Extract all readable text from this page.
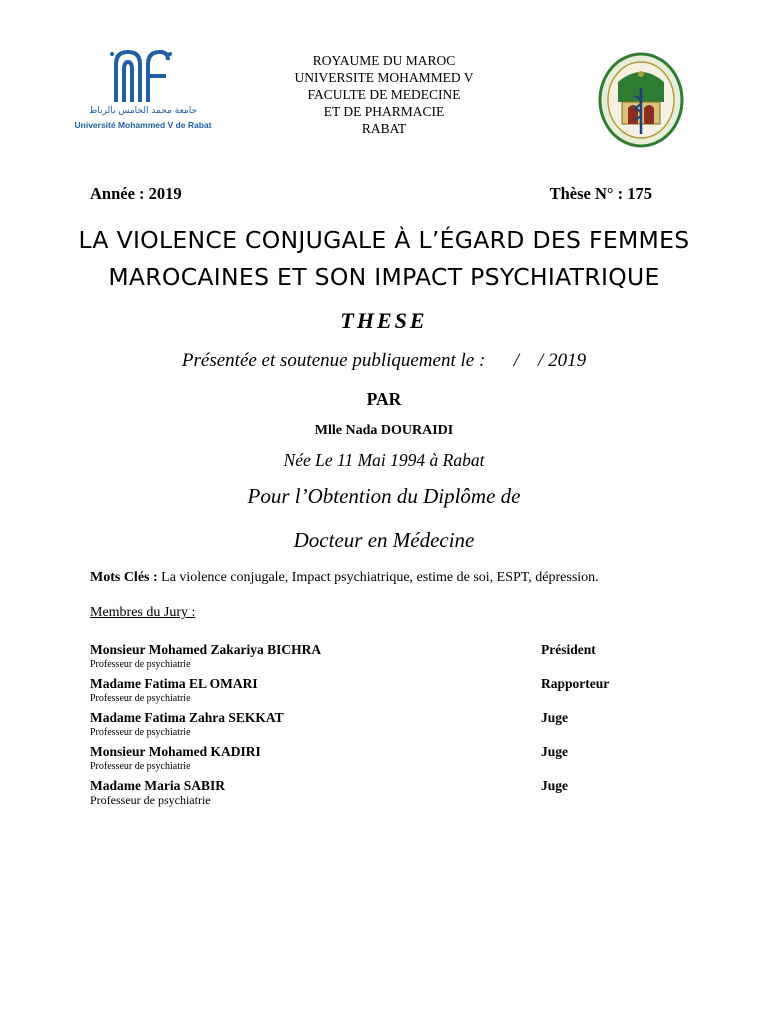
جامعة محمد الخامس بالرباط
Université Mohammed V de Rabat
ROYAUME DU MAROC
UNIVERSITE MOHAMMED V
FACULTE DE MEDECINE
ET DE PHARMACIE
RABAT
Année : 2019	Thèse N° : 175
LA VIOLENCE CONJUGALE À L’ÉGARD DES FEMMES
MAROCAINES ET SON IMPACT PSYCHIATRIQUE
THESE
Présentée et soutenue publiquement le :      /    / 2019
PAR
Mlle Nada DOURAIDI
Née Le 11 Mai 1994 à Rabat
Pour l’Obtention du Diplôme de
Docteur en Médecine
Mots Clés : La violence conjugale, Impact psychiatrique, estime de soi, ESPT, dépression.
Membres du Jury :
Monsieur Mohamed Zakariya BICHRA
Professeur de psychiatrie
Président
Madame Fatima EL OMARI
Professeur de psychiatrie
Rapporteur
Madame Fatima Zahra SEKKAT
Professeur de psychiatrie
Juge
Monsieur Mohamed KADIRI
Professeur de psychiatrie
Juge
Madame Maria SABIR
Professeur de psychiatrie
Juge
